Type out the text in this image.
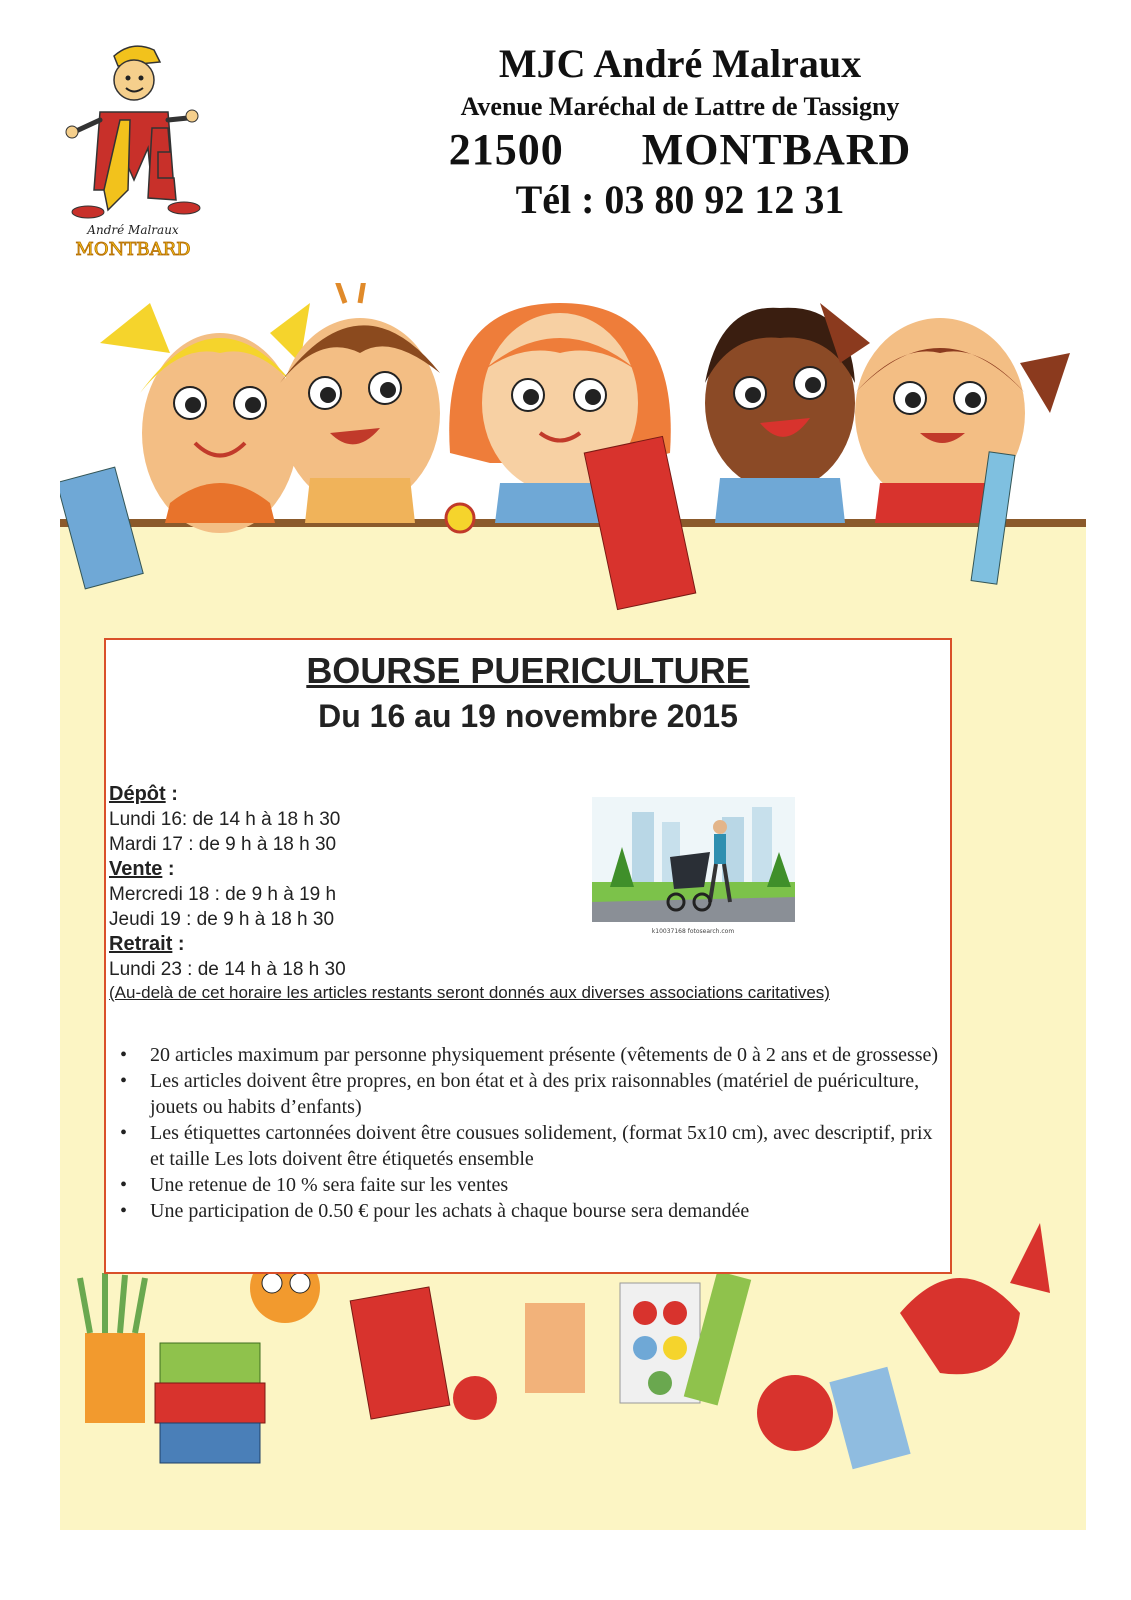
André Malraux
MONTBARD
MJC André Malraux
Avenue Maréchal de Lattre de Tassigny
21500   MONTBARD
Tél : 03 80 92 12 31
BOURSE PUERICULTURE
Du 16 au 19 novembre 2015
Dépôt :
Lundi 16: de 14 h à 18 h 30
Mardi 17 : de 9 h à 18 h 30
Vente :
Mercredi 18 : de 9 h à 19 h
Jeudi 19 : de 9 h à 18 h 30
Retrait :
Lundi 23 : de 14 h à 18 h 30
(Au-delà de cet horaire les articles restants seront donnés aux diverses associations caritatives)
k10037168 fotosearch.com
• 20 articles maximum par personne physiquement présente (vêtements de 0 à 2 ans et de grossesse)
• Les articles doivent être propres, en bon état et à des prix raisonnables (matériel de puériculture, jouets ou habits d’enfants)
• Les étiquettes cartonnées doivent être cousues solidement, (format 5x10 cm), avec descriptif, prix et taille Les lots doivent être étiquetés ensemble
• Une retenue de 10 % sera faite sur les ventes
• Une participation de 0.50 € pour les achats à chaque bourse sera demandée
